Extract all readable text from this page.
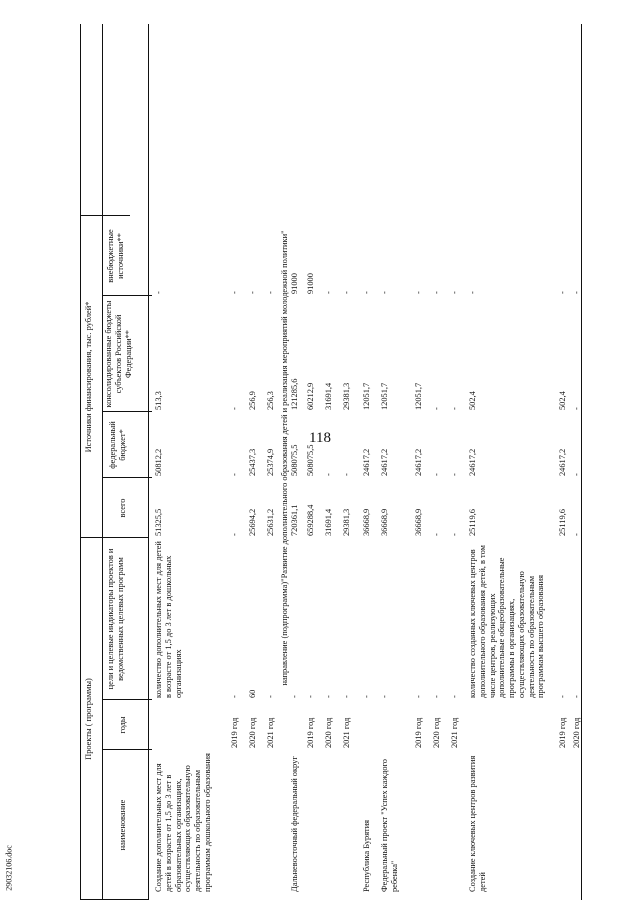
118
29032106.doc
Проекты ( программы)
Источники финансирования, тыс. рублей*
наименование
годы
цели и целевые индикаторы проектов и ведомственных целевых программ
всего
федеральный бюджет*
консолидированные бюджеты субъектов Российской Федерации**
внебюджетные источники**	направление (подпрограмма)"Развитие дополнительного образования детей и реализация мероприятий молодежной политики"
Создание дополнительных мест для детей в возрасте от 1,5 до 3 лет в образовательных организациях, осуществляющих образовательную деятельность по образовательным программам дошкольного образования
количество дополнительных мест для детей в возрасте от 1,5 до 3 лет в дошкольных организациях
51325,5
50812,2
513,3
-
2019 год
-
-
-
-
-
2020 год
60
25694,2
25437,3
256,9
-
2021 год
-
25631,2
25374,9
256,3
-
Дальневосточный федеральный округ
-
720361,1
508075,5
121285,6
91000
2019 год
-
659288,4
508075,5
60212,9
91000
2020 год
-
31691,4
-
31691,4
-
2021 год
-
29381,3
-
29381,3
-
Республика Бурятия
-
36668,9
24617,2
12051,7
-
Федеральный проект "Успех каждого ребенка"
-
36668,9
24617,2
12051,7
-
2019 год
-
36668,9
24617,2
12051,7
-
2020 год
-
-
-
-
-
2021 год
-
-
-
-
-
Создание ключевых центров развития детей
количество созданных ключевых центров дополнительного образования детей, в том числе центров, реализующих дополнительные общеобразовательные программы в организациях, осуществляющих образовательную деятельность по образовательным программам высшего образования
25119,6
24617,2
502,4
-
2019 год
-
25119,6
24617,2
502,4
-
2020 год
-
-
-
-
-
